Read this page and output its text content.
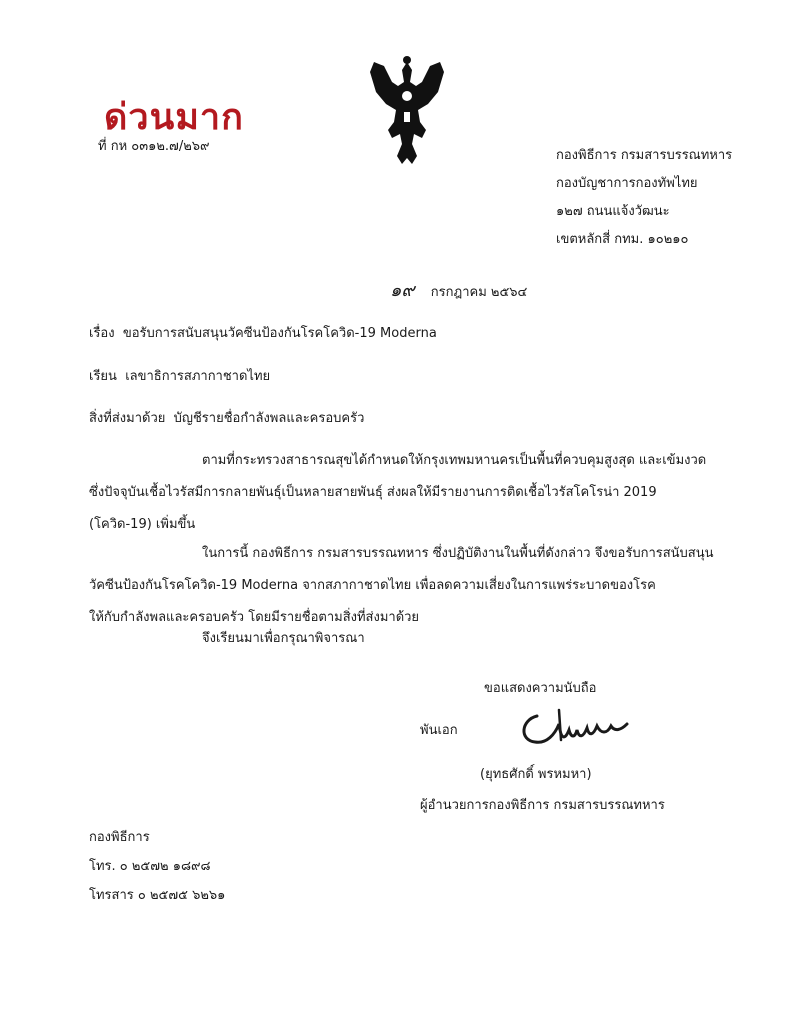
ด่วนมาก
ที่ กห ๐๓๑๒.๗/๒๖๙
กองพิธีการ กรมสารบรรณทหาร
กองบัญชาการกองทัพไทย
๑๒๗ ถนนแจ้งวัฒนะ
เขตหลักสี่ กทม. ๑๐๒๑๐
๑๙ กรกฎาคม ๒๕๖๔
เรื่อง ขอรับการสนับสนุนวัคซีนป้องกันโรคโควิด-19 Moderna
เรียน เลขาธิการสภากาชาดไทย
สิ่งที่ส่งมาด้วย บัญชีรายชื่อกำลังพลและครอบครัว
ตามที่กระทรวงสาธารณสุขได้กำหนดให้กรุงเทพมหานครเป็นพื้นที่ควบคุมสูงสุด และเข้มงวด
ซึ่งปัจจุบันเชื้อไวรัสมีการกลายพันธุ์เป็นหลายสายพันธุ์ ส่งผลให้มีรายงานการติดเชื้อไวรัสโคโรน่า 2019
(โควิด-19) เพิ่มขึ้น
ในการนี้ กองพิธีการ กรมสารบรรณทหาร ซึ่งปฏิบัติงานในพื้นที่ดังกล่าว จึงขอรับการสนับสนุน
วัคซีนป้องกันโรคโควิด-19 Moderna จากสภากาชาดไทย เพื่อลดความเสี่ยงในการแพร่ระบาดของโรค
ให้กับกำลังพลและครอบครัว โดยมีรายชื่อตามสิ่งที่ส่งมาด้วย
จึงเรียนมาเพื่อกรุณาพิจารณา
ขอแสดงความนับถือ
พันเอก
(ยุทธศักดิ์ พรหมหา)
ผู้อำนวยการกองพิธีการ กรมสารบรรณทหาร
กองพิธีการ
โทร. ๐ ๒๕๗๒ ๑๘๙๘
โทรสาร ๐ ๒๕๗๕ ๖๒๖๑
